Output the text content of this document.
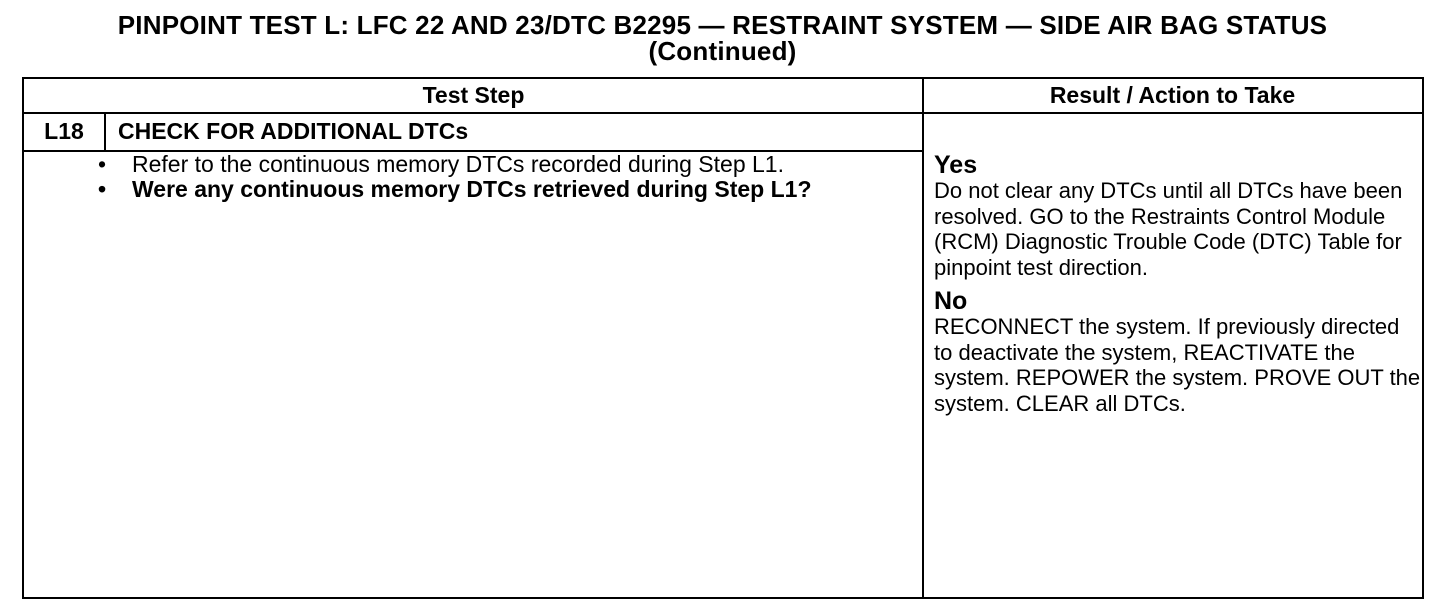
PINPOINT TEST L: LFC 22 AND 23/DTC B2295 — RESTRAINT SYSTEM — SIDE AIR BAG STATUS
(Continued)
Test Step	Result / Action to Take
L18	CHECK FOR ADDITIONAL DTCs
• Refer to the continuous memory DTCs recorded during Step L1.
• Were any continuous memory DTCs retrieved during Step L1?
Yes
Do not clear any DTCs until all DTCs have been resolved. GO to the Restraints Control Module (RCM) Diagnostic Trouble Code (DTC) Table for pinpoint test direction.
No
RECONNECT the system. If previously directed to deactivate the system, REACTIVATE the system. REPOWER the system. PROVE OUT the system. CLEAR all DTCs.
